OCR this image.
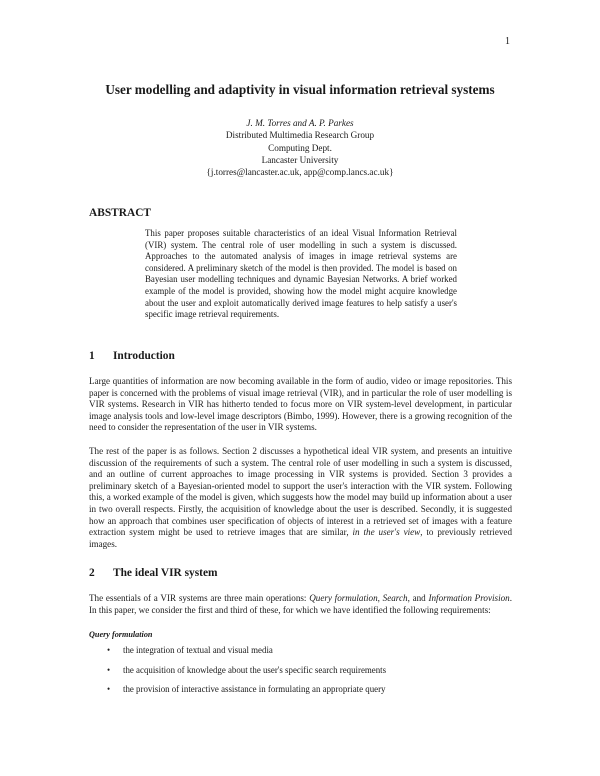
1
User modelling and adaptivity in visual information retrieval systems
J. M. Torres and A. P. Parkes
Distributed Multimedia Research Group
Computing Dept.
Lancaster University
{j.torres@lancaster.ac.uk, app@comp.lancs.ac.uk}
ABSTRACT
This paper proposes suitable characteristics of an ideal Visual Information Retrieval (VIR) system. The central role of user modelling in such a system is discussed. Approaches to the automated analysis of images in image retrieval systems are considered. A preliminary sketch of the model is then provided. The model is based on Bayesian user modelling techniques and dynamic Bayesian Networks. A brief worked example of the model is provided, showing how the model might acquire knowledge about the user and exploit automatically derived image features to help satisfy a user's specific image retrieval requirements.
1 Introduction
Large quantities of information are now becoming available in the form of audio, video or image repositories. This paper is concerned with the problems of visual image retrieval (VIR), and in particular the role of user modelling is VIR systems. Research in VIR has hitherto tended to focus more on VIR system-level development, in particular image analysis tools and low-level image descriptors (Bimbo, 1999). However, there is a growing recognition of the need to consider the representation of the user in VIR systems.
The rest of the paper is as follows. Section 2 discusses a hypothetical ideal VIR system, and presents an intuitive discussion of the requirements of such a system. The central role of user modelling in such a system is discussed, and an outline of current approaches to image processing in VIR systems is provided. Section 3 provides a preliminary sketch of a Bayesian-oriented model to support the user's interaction with the VIR system. Following this, a worked example of the model is given, which suggests how the model may build up information about a user in two overall respects. Firstly, the acquisition of knowledge about the user is described. Secondly, it is suggested how an approach that combines user specification of objects of interest in a retrieved set of images with a feature extraction system might be used to retrieve images that are similar, in the user's view, to previously retrieved images.
2 The ideal VIR system
The essentials of a VIR systems are three main operations: Query formulation, Search, and Information Provision. In this paper, we consider the first and third of these, for which we have identified the following requirements:
Query formulation
• the integration of textual and visual media
• the acquisition of knowledge about the user's specific search requirements
• the provision of interactive assistance in formulating an appropriate query
